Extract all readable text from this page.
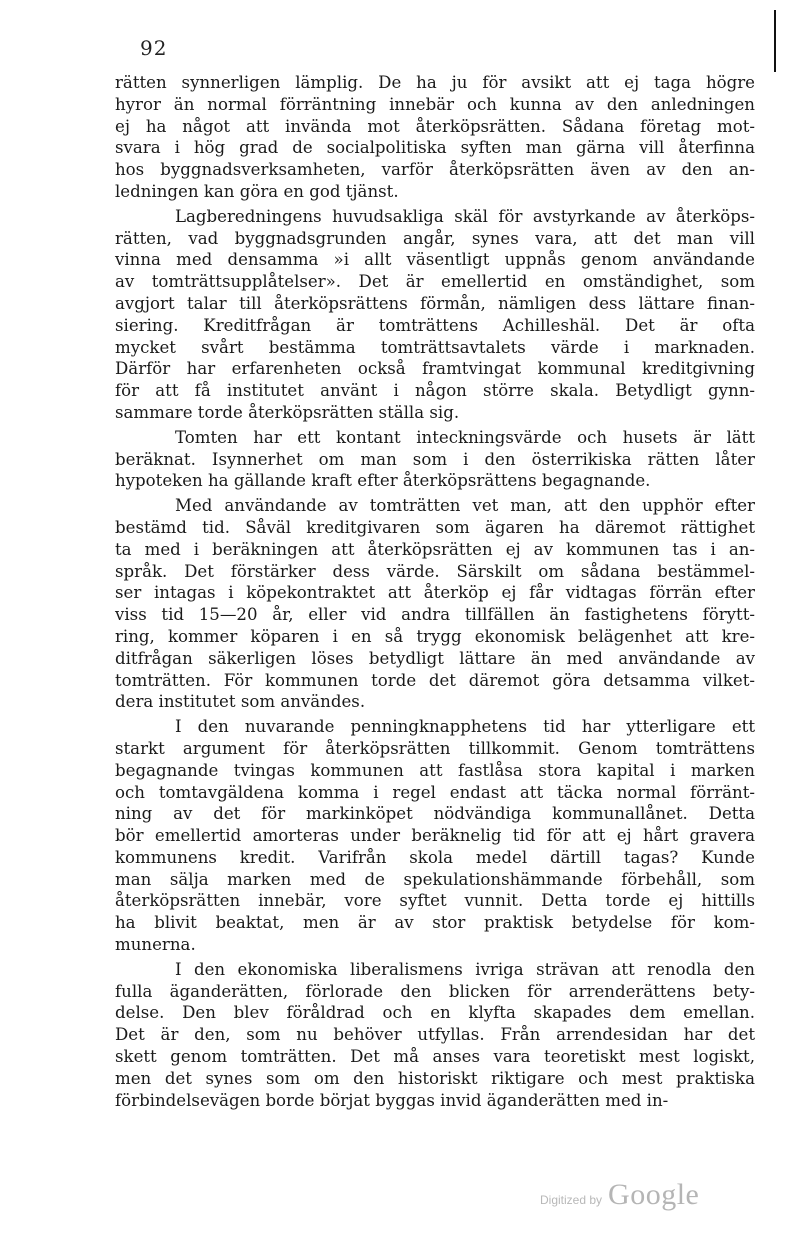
92

rätten synnerligen lämplig. De ha ju för avsikt att ej taga högre
hyror än normal förräntning innebär och kunna av den anledningen
ej ha något att invända mot återköpsrätten. Sådana företag mot-
svara i hög grad de socialpolitiska syften man gärna vill återfinna
hos byggnadsverksamheten, varför återköpsrätten även av den an-
ledningen kan göra en god tjänst.

Lagberedningens huvudsakliga skäl för avstyrkande av återköps-
rätten, vad byggnadsgrunden angår, synes vara, att det man vill
vinna med densamma »i allt väsentligt uppnås genom användande
av tomträttsupplåtelser». Det är emellertid en omständighet, som
avgjort talar till återköpsrättens förmån, nämligen dess lättare finan-
siering. Kreditfrågan är tomträttens Achilleshäl. Det är ofta
mycket svårt bestämma tomträttsavtalets värde i marknaden.
Därför har erfarenheten också framtvingat kommunal kreditgivning
för att få institutet använt i någon större skala. Betydligt gynn-
sammare torde återköpsrätten ställa sig.

Tomten har ett kontant inteckningsvärde och husets är lätt
beräknat. Isynnerhet om man som i den österrikiska rätten låter
hypoteken ha gällande kraft efter återköpsrättens begagnande.

Med användande av tomträtten vet man, att den upphör efter
bestämd tid. Såväl kreditgivaren som ägaren ha däremot rättighet
ta med i beräkningen att återköpsrätten ej av kommunen tas i an-
språk. Det förstärker dess värde. Särskilt om sådana bestämmel-
ser intagas i köpekontraktet att återköp ej får vidtagas förrän efter
viss tid 15—20 år, eller vid andra tillfällen än fastighetens förytt-
ring, kommer köparen i en så trygg ekonomisk belägenhet att kre-
ditfrågan säkerligen löses betydligt lättare än med användande av
tomträtten. För kommunen torde det däremot göra detsamma vilket-
dera institutet som användes.

I den nuvarande penningknapphetens tid har ytterligare ett
starkt argument för återköpsrätten tillkommit. Genom tomträttens
begagnande tvingas kommunen att fastlåsa stora kapital i marken
och tomtavgäldena komma i regel endast att täcka normal förränt-
ning av det för markinköpet nödvändiga kommunallånet. Detta
bör emellertid amorteras under beräknelig tid för att ej hårt gravera
kommunens kredit. Varifrån skola medel därtill tagas? Kunde
man sälja marken med de spekulationshämmande förbehåll, som
återköpsrätten innebär, vore syftet vunnit. Detta torde ej hittills
ha blivit beaktat, men är av stor praktisk betydelse för kom-
munerna.

I den ekonomiska liberalismens ivriga strävan att renodla den
fulla äganderätten, förlorade den blicken för arrenderättens bety-
delse. Den blev föråldrad och en klyfta skapades dem emellan.
Det är den, som nu behöver utfyllas. Från arrendesidan har det
skett genom tomträtten. Det må anses vara teoretiskt mest logiskt,
men det synes som om den historiskt riktigare och mest praktiska
förbindelsevägen borde börjat byggas invid äganderätten med in-

Digitized by Google
